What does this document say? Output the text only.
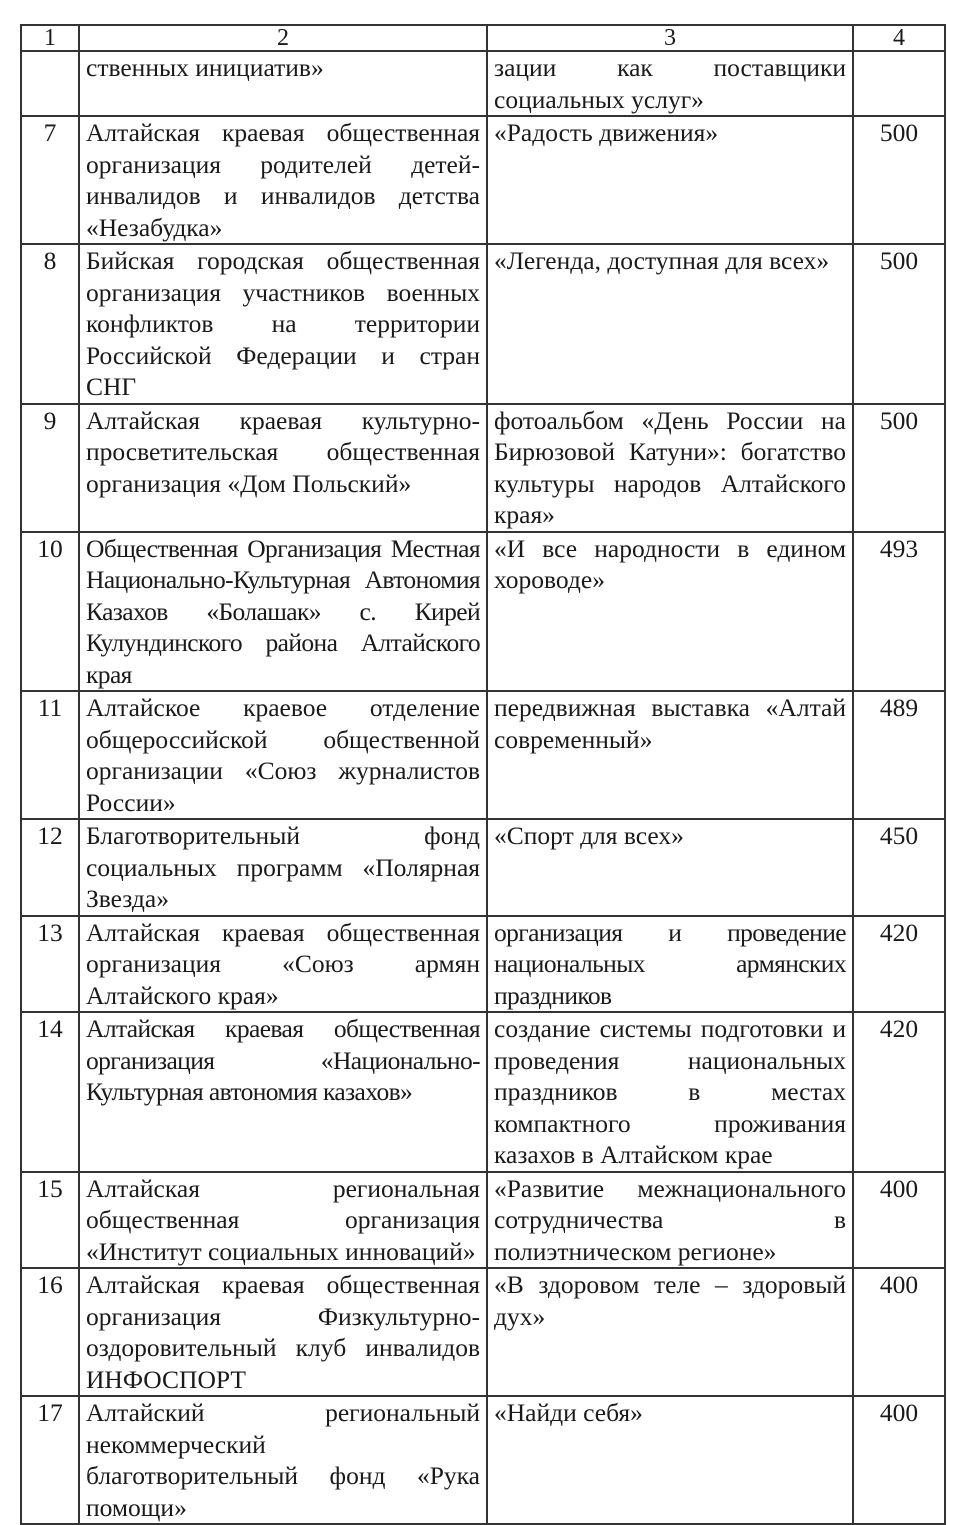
1	2	3	4
	ственных инициатив»	зации как поставщики социальных услуг»	
7	Алтайская краевая общественная организация родителей детей-инвалидов и инвалидов детства «Незабудка»	«Радость движения»	500
8	Бийская городская общественная организация участников военных конфликтов на территории Российской Федерации и стран СНГ	«Легенда, доступная для всех»	500
9	Алтайская краевая культурно-просветительская общественная организация «Дом Польский»	фотоальбом «День России на Бирюзовой Катуни»: богатство культуры народов Алтайского края»	500
10	Общественная Организация Местная Национально-Культурная Автономия Казахов «Болашак» с. Кирей Кулундинского района Алтайского края	«И все народности в едином хороводе»	493
11	Алтайское краевое отделение общероссийской общественной организации «Союз журналистов России»	передвижная выставка «Алтай современный»	489
12	Благотворительный фонд социальных программ «Полярная Звезда»	«Спорт для всех»	450
13	Алтайская краевая общественная организация «Союз армян Алтайского края»	организация и проведение национальных армянских праздников	420
14	Алтайская краевая общественная организация «Национально-Культурная автономия казахов»	создание системы подготовки и проведения национальных праздников в местах компактного проживания казахов в Алтайском крае	420
15	Алтайская региональная общественная организация «Институт социальных инноваций»	«Развитие межнационального сотрудничества в полиэтническом регионе»	400
16	Алтайская краевая общественная организация Физкультурно-оздоровительный клуб инвалидов ИНФОСПОРТ	«В здоровом теле – здоровый дух»	400
17	Алтайский региональный некоммерческий благотворительный фонд «Рука помощи»	«Найди себя»	400
